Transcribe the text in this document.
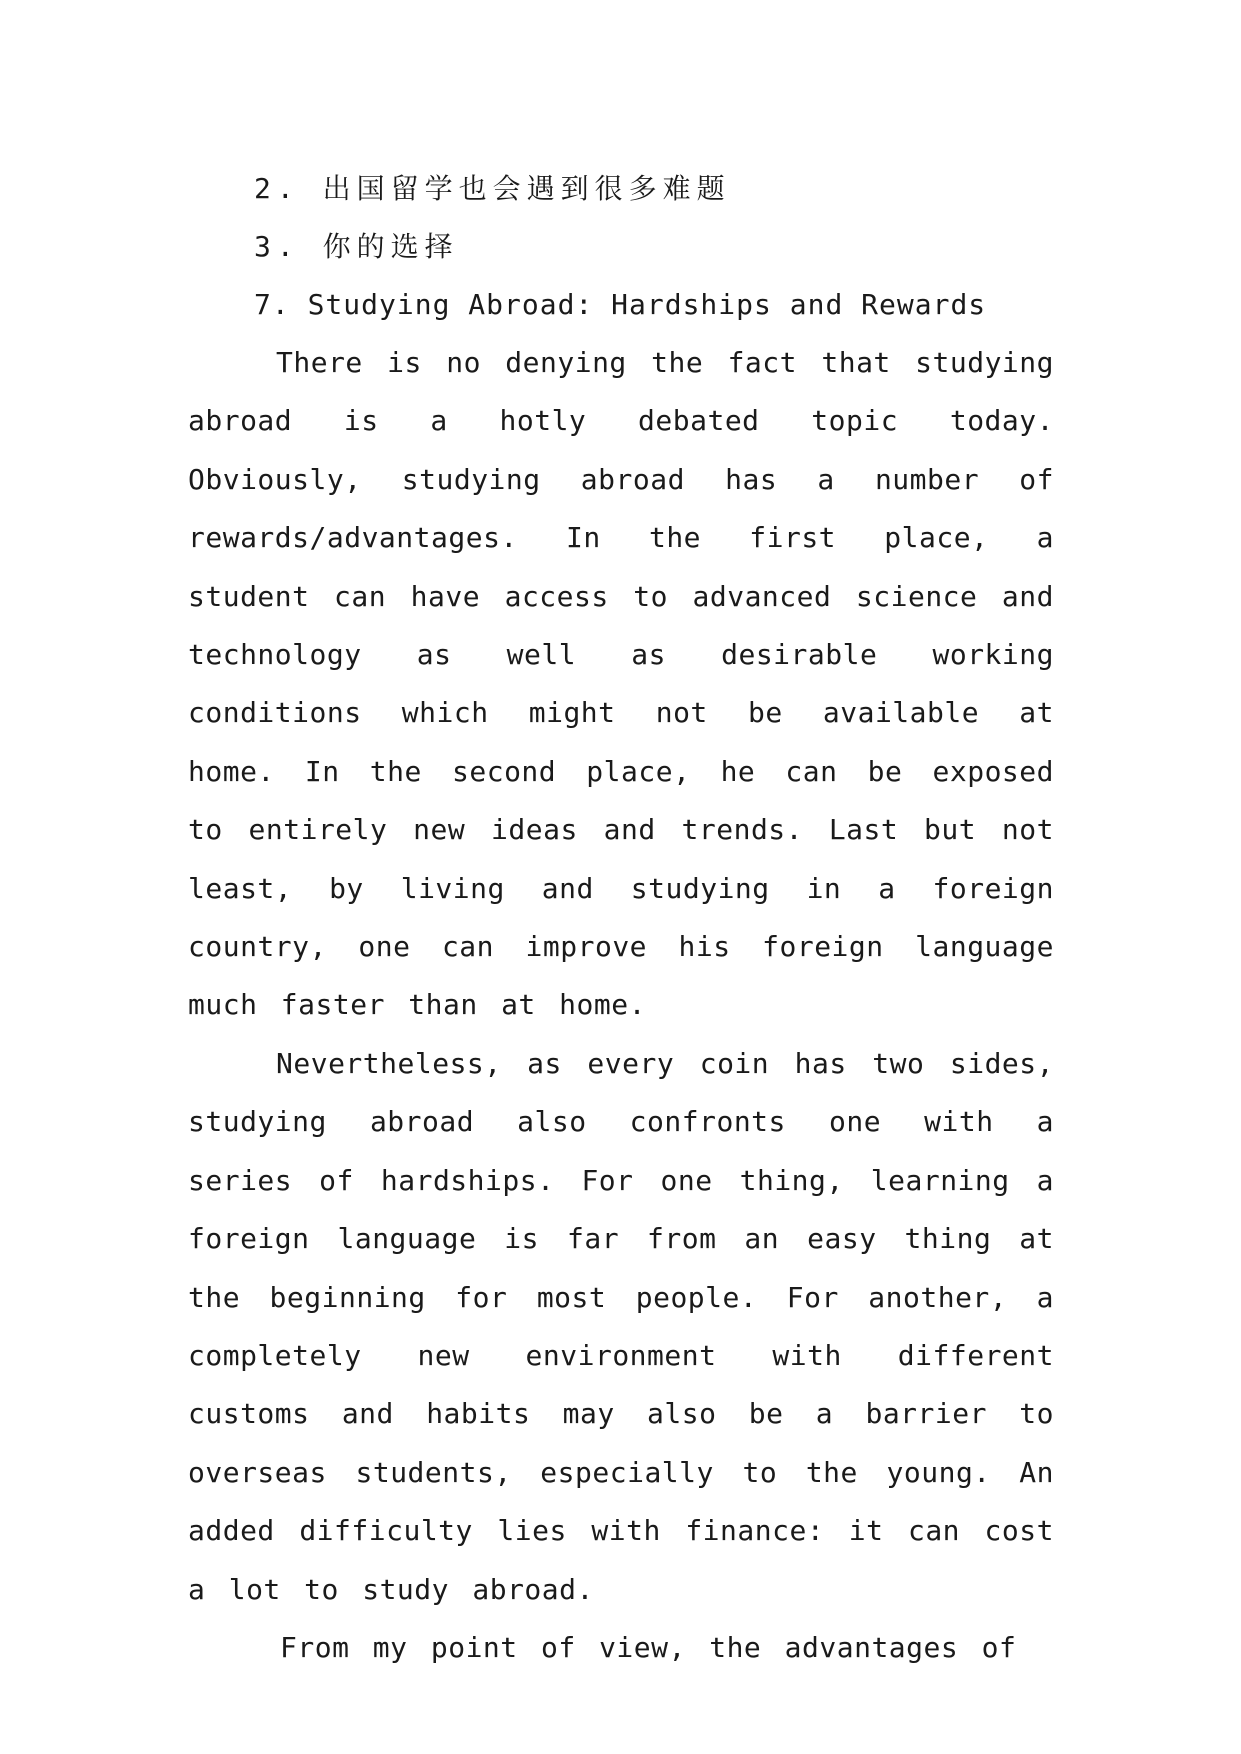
2. 出国留学也会遇到很多难题
3. 你的选择
7. Studying Abroad: Hardships and Rewards

There is no denying the fact that studying abroad is a hotly debated topic today. Obviously, studying abroad has a number of rewards/advantages. In the first place, a student can have access to advanced science and technology as well as desirable working conditions which might not be available at home. In the second place, he can be exposed to entirely new ideas and trends. Last but not least, by living and studying in a foreign country, one can improve his foreign language much faster than at home.

Nevertheless, as every coin has two sides, studying abroad also confronts one with a series of hardships. For one thing, learning a foreign language is far from an easy thing at the beginning for most people. For another, a completely new environment with different customs and habits may also be a barrier to overseas students, especially to the young. An added difficulty lies with finance: it can cost a lot to study abroad.

From my point of view, the advantages of
